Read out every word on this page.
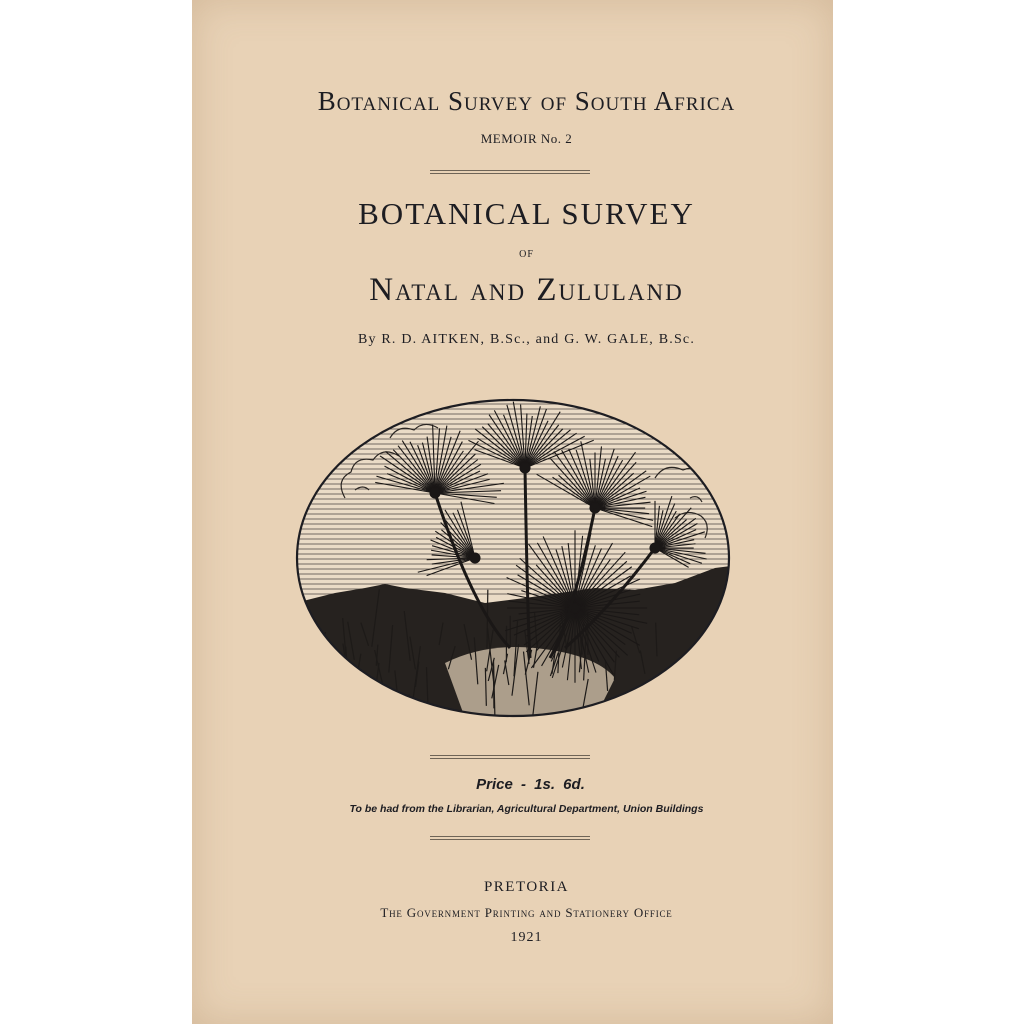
Botanical Survey of South Africa
MEMOIR No. 2
BOTANICAL SURVEY
OF
Natal and Zululand
By R. D. AITKEN, B.Sc., and G. W. GALE, B.Sc.
Price - 1s. 6d.
To be had from the Librarian, Agricultural Department, Union Buildings
PRETORIA
The Government Printing and Stationery Office
1921
